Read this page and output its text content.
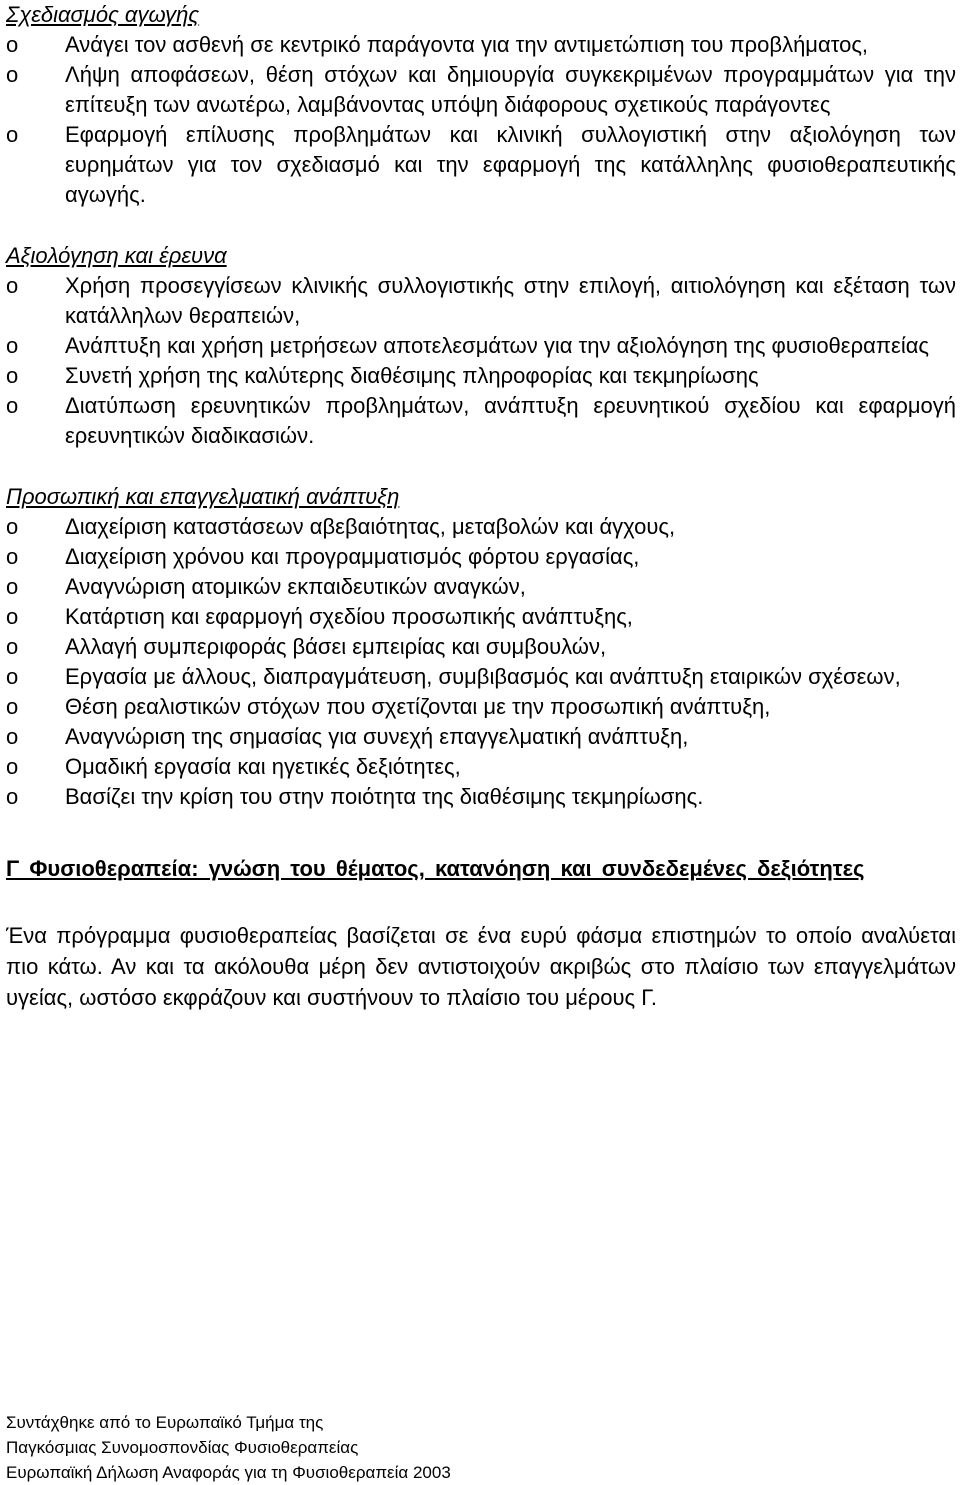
Σχεδιασμός αγωγής
o	Ανάγει τον ασθενή σε κεντρικό παράγοντα για την αντιμετώπιση του προβλήματος,
o	Λήψη αποφάσεων, θέση στόχων και δημιουργία συγκεκριμένων προγραμμάτων για την επίτευξη των ανωτέρω, λαμβάνοντας υπόψη διάφορους σχετικούς παράγοντες
o	Εφαρμογή επίλυσης προβλημάτων και κλινική συλλογιστική στην αξιολόγηση των ευρημάτων για τον σχεδιασμό και την εφαρμογή της κατάλληλης φυσιοθεραπευτικής αγωγής.
Αξιολόγηση και έρευνα
o	Χρήση προσεγγίσεων κλινικής συλλογιστικής στην επιλογή, αιτιολόγηση και εξέταση των κατάλληλων θεραπειών,
o	Ανάπτυξη και χρήση μετρήσεων αποτελεσμάτων για την αξιολόγηση της φυσιοθεραπείας
o	Συνετή χρήση της καλύτερης διαθέσιμης πληροφορίας και τεκμηρίωσης
o	Διατύπωση ερευνητικών προβλημάτων, ανάπτυξη ερευνητικού σχεδίου και εφαρμογή ερευνητικών διαδικασιών.
Προσωπική και επαγγελματική ανάπτυξη
o	Διαχείριση καταστάσεων αβεβαιότητας, μεταβολών και άγχους,
o	Διαχείριση χρόνου και προγραμματισμός φόρτου εργασίας,
o	Αναγνώριση ατομικών εκπαιδευτικών αναγκών,
o	Κατάρτιση και εφαρμογή σχεδίου προσωπικής ανάπτυξης,
o	Αλλαγή συμπεριφοράς βάσει εμπειρίας και συμβουλών,
o	Εργασία με άλλους, διαπραγμάτευση, συμβιβασμός και ανάπτυξη εταιρικών σχέσεων,
o	Θέση ρεαλιστικών στόχων που σχετίζονται με την προσωπική ανάπτυξη,
o	Αναγνώριση της σημασίας για συνεχή επαγγελματική ανάπτυξη,
o	Ομαδική εργασία και ηγετικές δεξιότητες,
o	Βασίζει την κρίση του στην ποιότητα της διαθέσιμης τεκμηρίωσης.
Γ Φυσιοθεραπεία: γνώση του θέματος, κατανόηση και συνδεδεμένες δεξιότητες

Ένα πρόγραμμα φυσιοθεραπείας βασίζεται σε ένα ευρύ φάσμα επιστημών το οποίο αναλύεται πιο κάτω. Αν και τα ακόλουθα μέρη δεν αντιστοιχούν ακριβώς στο πλαίσιο των επαγγελμάτων υγείας, ωστόσο εκφράζουν και συστήνουν το πλαίσιο του μέρους Γ.

Συντάχθηκε από το Ευρωπαϊκό Τμήμα της
Παγκόσμιας Συνομοσπονδίας Φυσιοθεραπείας
Ευρωπαϊκή Δήλωση Αναφοράς για τη Φυσιοθεραπεία 2003
